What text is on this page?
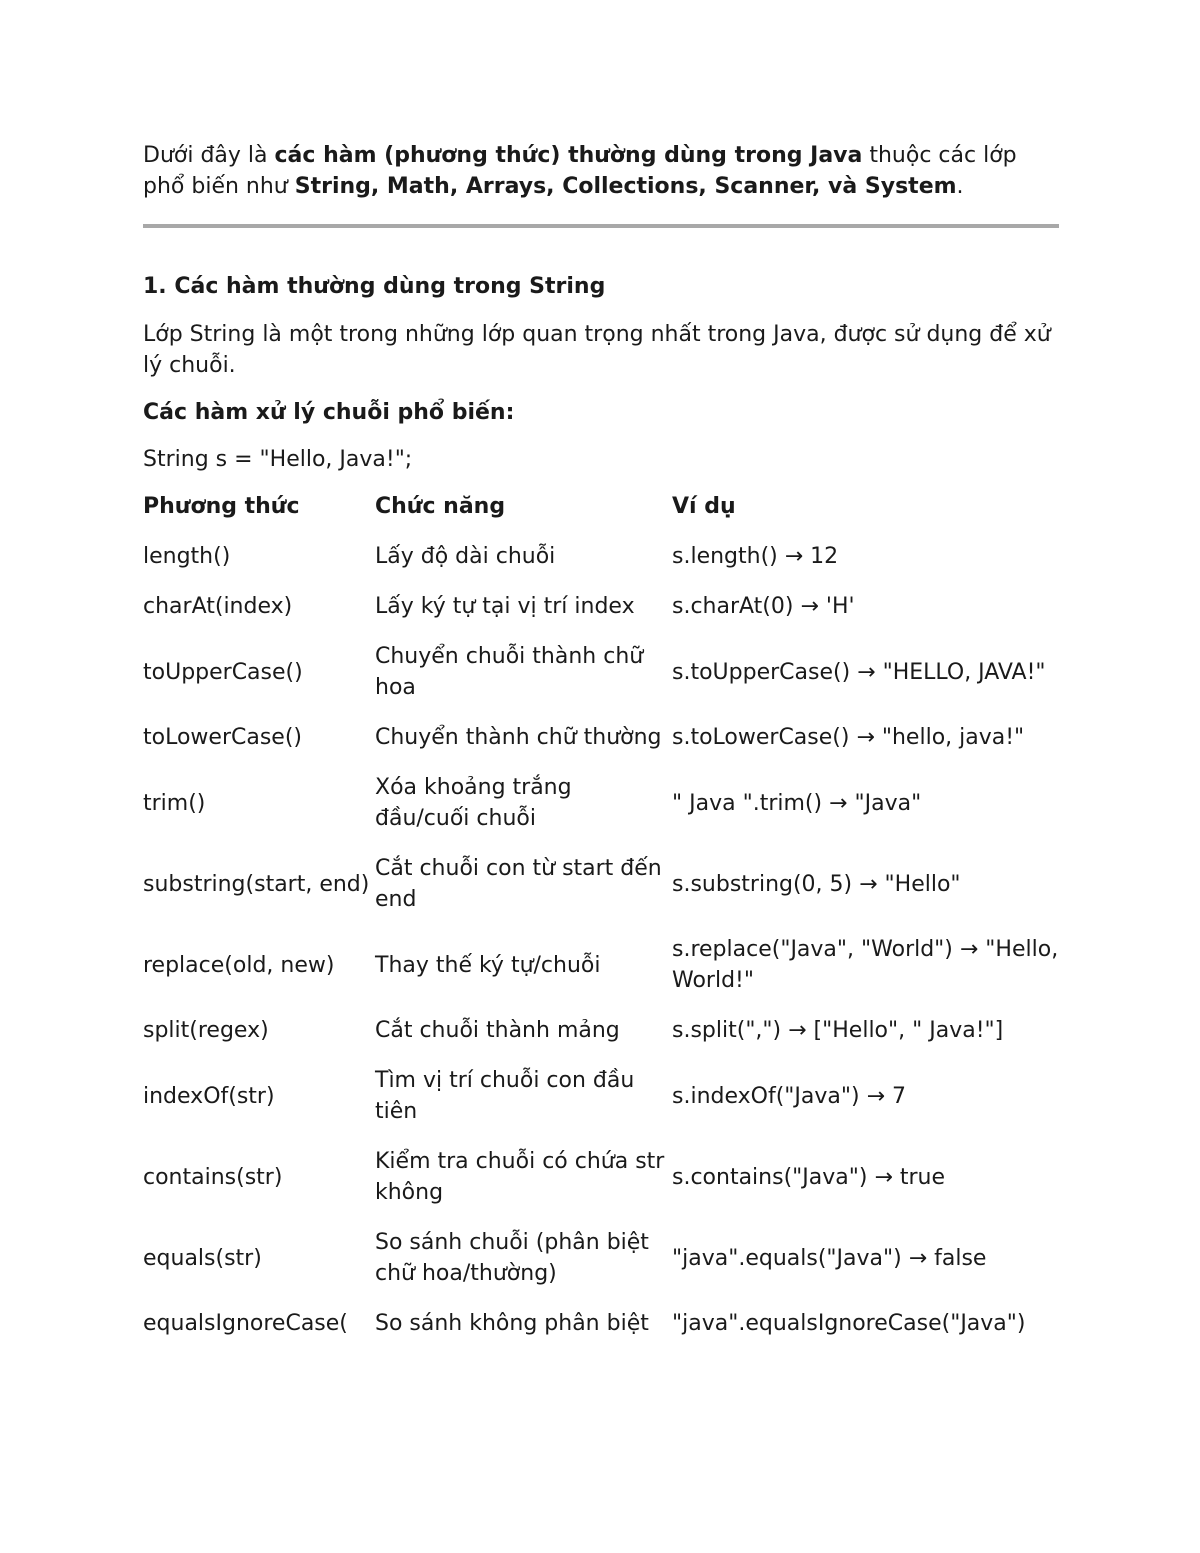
Dưới đây là các hàm (phương thức) thường dùng trong Java thuộc các lớp phổ biến như String, Math, Arrays, Collections, Scanner, và System.

1. Các hàm thường dùng trong String

Lớp String là một trong những lớp quan trọng nhất trong Java, được sử dụng để xử lý chuỗi.

Các hàm xử lý chuỗi phổ biến:
String s = "Hello, Java!";
Phương thức	Chức năng	Ví dụ
length()	Lấy độ dài chuỗi	s.length() → 12
charAt(index)	Lấy ký tự tại vị trí index	s.charAt(0) → 'H'
toUpperCase()	Chuyển chuỗi thành chữ hoa	s.toUpperCase() → "HELLO, JAVA!"
toLowerCase()	Chuyển thành chữ thường	s.toLowerCase() → "hello, java!"
trim()	Xóa khoảng trắng đầu/cuối chuỗi	" Java ".trim() → "Java"
substring(start, end)	Cắt chuỗi con từ start đến end	s.substring(0, 5) → "Hello"
replace(old, new)	Thay thế ký tự/chuỗi	s.replace("Java", "World") → "Hello, World!"
split(regex)	Cắt chuỗi thành mảng	s.split(",") → ["Hello", " Java!"]
indexOf(str)	Tìm vị trí chuỗi con đầu tiên	s.indexOf("Java") → 7
contains(str)	Kiểm tra chuỗi có chứa str không	s.contains("Java") → true
equals(str)	So sánh chuỗi (phân biệt chữ hoa/thường)	"java".equals("Java") → false
equalsIgnoreCase(	So sánh không phân biệt	"java".equalsIgnoreCase("Java")
